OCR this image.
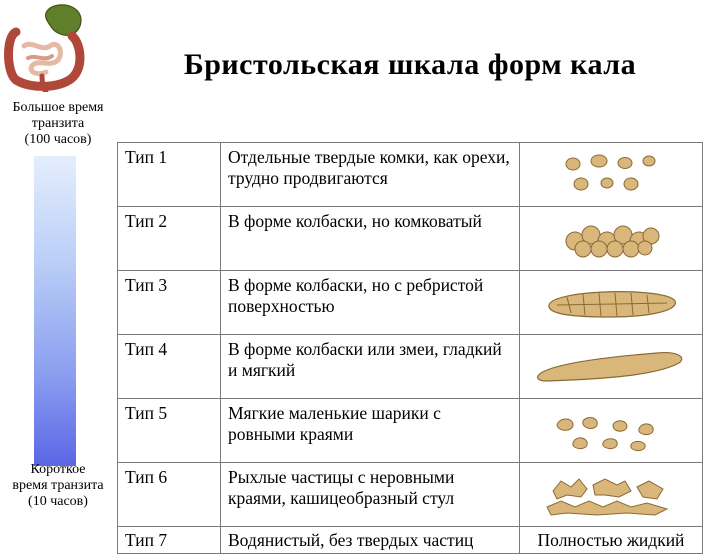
Бристольская шкала форм кала
Большое время
транзита
(100 часов)
Короткое
время транзита
(10 часов)
Тип 1	Отдельные твердые комки, как орехи, трудно продвигаются	

Тип 2	В форме колбаски, но комковатый	

Тип 3	В форме колбаски, но с ребристой поверхностью	

Тип 4	В форме колбаски или змеи, гладкий и мягкий	

Тип 5	Мягкие маленькие шарики с ровными краями	

Тип 6	Рыхлые частицы с неровными краями, кашицеобразный стул	

Тип 7	Водянистый, без твердых частиц	Полностью жидкий
